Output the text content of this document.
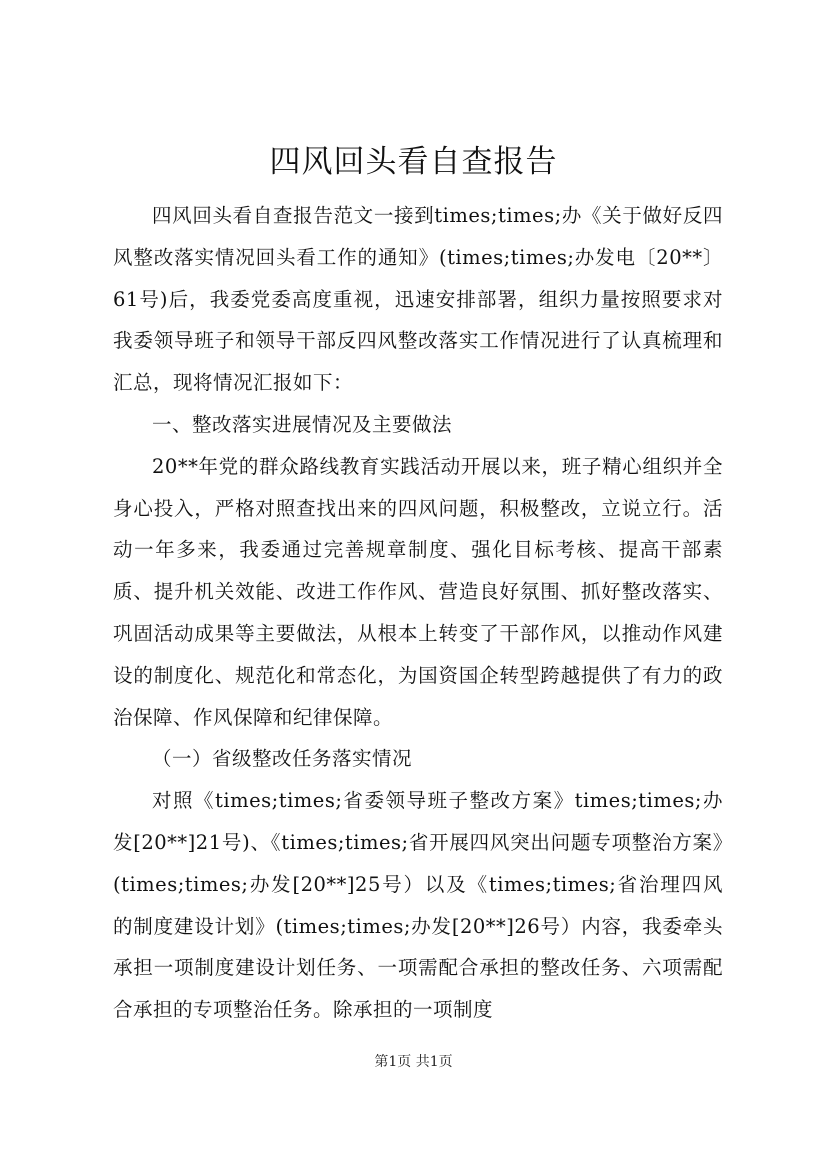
四风回头看自查报告

四风回头看自查报告范文一接到times;times;办《关于做好反四风整改落实情况回头看工作的通知》(times;times;办发电〔20**〕61号)后，我委党委高度重视，迅速安排部署，组织力量按照要求对我委领导班子和领导干部反四风整改落实工作情况进行了认真梳理和汇总，现将情况汇报如下：

一、整改落实进展情况及主要做法

20**年党的群众路线教育实践活动开展以来，班子精心组织并全身心投入，严格对照查找出来的四风问题，积极整改，立说立行。活动一年多来，我委通过完善规章制度、强化目标考核、提高干部素质、提升机关效能、改进工作作风、营造良好氛围、抓好整改落实、巩固活动成果等主要做法，从根本上转变了干部作风，以推动作风建设的制度化、规范化和常态化，为国资国企转型跨越提供了有力的政治保障、作风保障和纪律保障。

（一）省级整改任务落实情况

对照《times;times;省委领导班子整改方案》times;times;办发[20**]21号)、《times;times;省开展四风突出问题专项整治方案》(times;times;办发[20**]25号）以及《times;times;省治理四风的制度建设计划》(times;times;办发[20**]26号）内容，我委牵头承担一项制度建设计划任务、一项需配合承担的整改任务、六项需配合承担的专项整治任务。除承担的一项制度

第1页 共1页
